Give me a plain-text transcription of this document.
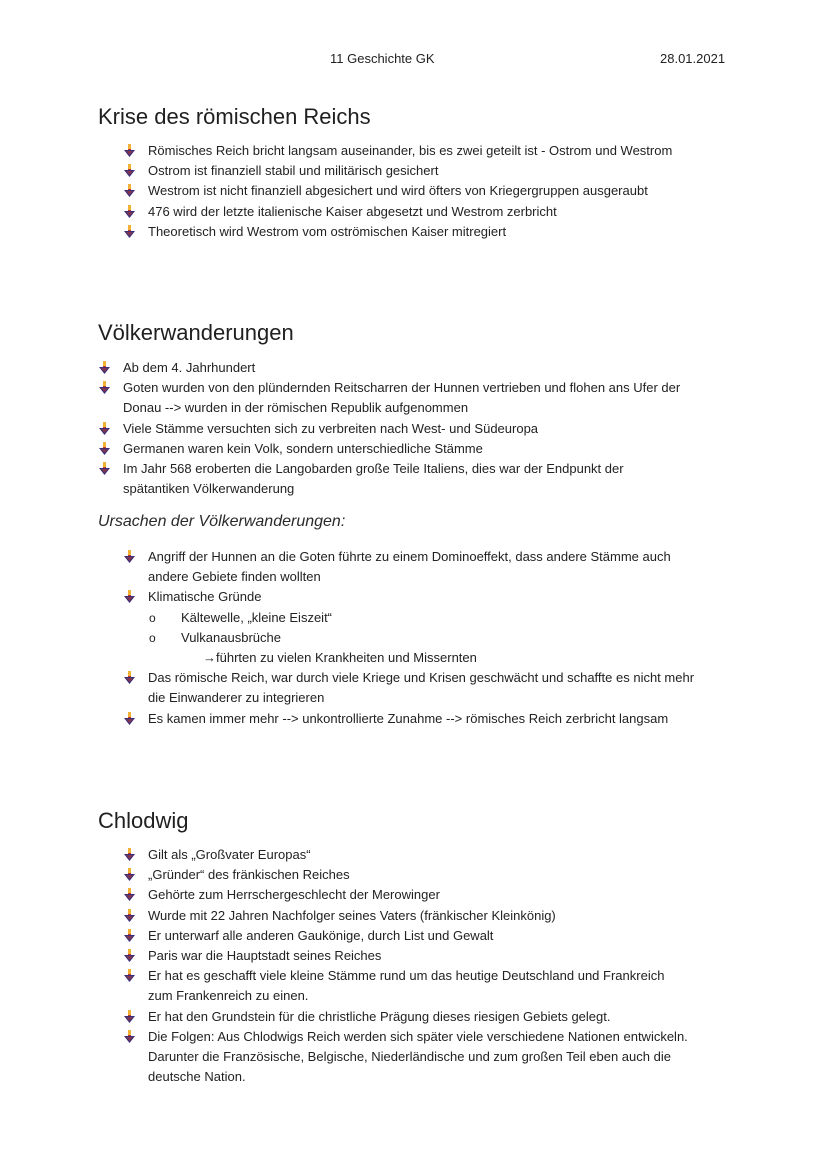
11 Geschichte GK	28.01.2021
Krise des römischen Reichs
Römisches Reich bricht langsam auseinander, bis es zwei geteilt ist - Ostrom und Westrom
Ostrom ist finanziell stabil und militärisch gesichert
Westrom ist nicht finanziell abgesichert und wird öfters von Kriegergruppen ausgeraubt
476 wird der letzte italienische Kaiser abgesetzt und Westrom zerbricht
Theoretisch wird Westrom vom oströmischen Kaiser mitregiert
Völkerwanderungen
Ab dem 4. Jahrhundert
Goten wurden von den plündernden Reitscharren der Hunnen vertrieben und flohen ans Ufer der
Donau --> wurden in der römischen Republik aufgenommen
Viele Stämme versuchten sich zu verbreiten nach West- und Südeuropa
Germanen waren kein Volk, sondern unterschiedliche Stämme
Im Jahr 568 eroberten die Langobarden große Teile Italiens, dies war der Endpunkt der
spätantiken Völkerwanderung
Ursachen der Völkerwanderungen:
Angriff der Hunnen an die Goten führte zu einem Dominoeffekt, dass andere Stämme auch
andere Gebiete finden wollten
Klimatische Gründe
o Kältewelle, „kleine Eiszeit“
o Vulkanausbrüche
→führten zu vielen Krankheiten und Missernten
Das römische Reich, war durch viele Kriege und Krisen geschwächt und schaffte es nicht mehr
die Einwanderer zu integrieren
Es kamen immer mehr --> unkontrollierte Zunahme --> römisches Reich zerbricht langsam
Chlodwig
Gilt als „Großvater Europas“
„Gründer“ des fränkischen Reiches
Gehörte zum Herrschergeschlecht der Merowinger
Wurde mit 22 Jahren Nachfolger seines Vaters (fränkischer Kleinkönig)
Er unterwarf alle anderen Gaukönige, durch List und Gewalt
Paris war die Hauptstadt seines Reiches
Er hat es geschafft viele kleine Stämme rund um das heutige Deutschland und Frankreich
zum Frankenreich zu einen.
Er hat den Grundstein für die christliche Prägung dieses riesigen Gebiets gelegt.
Die Folgen: Aus Chlodwigs Reich werden sich später viele verschiedene Nationen entwickeln.
Darunter die Französische, Belgische, Niederländische und zum großen Teil eben auch die
deutsche Nation.
